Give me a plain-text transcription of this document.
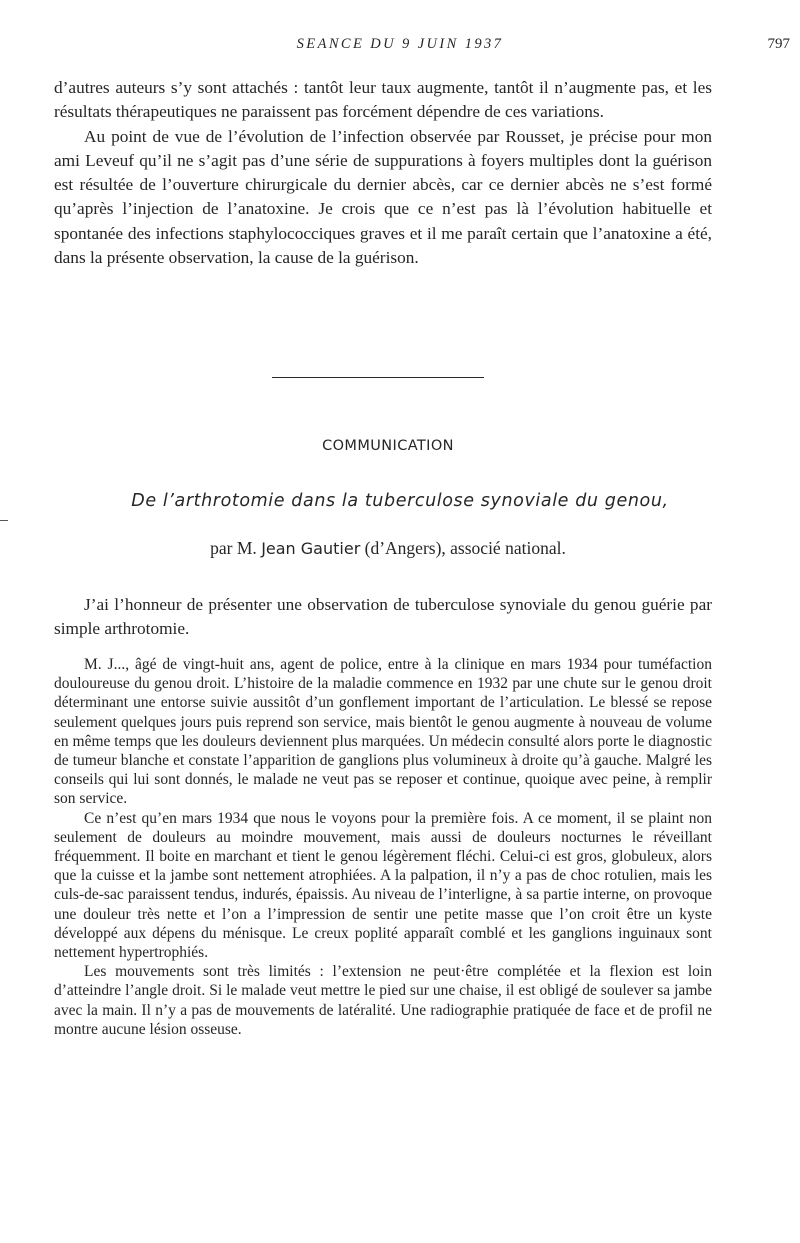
SEANCE DU 9 JUIN 1937	797

d’autres auteurs s’y sont attachés : tantôt leur taux augmente, tantôt il n’augmente pas, et les résultats thérapeutiques ne paraissent pas forcément dépendre de ces variations.

Au point de vue de l’évolution de l’infection observée par Rousset, je précise pour mon ami Leveuf qu’il ne s’agit pas d’une série de suppurations à foyers multiples dont la guérison est résultée de l’ouverture chirurgicale du dernier abcès, car ce dernier abcès ne s’est formé qu’après l’injection de l’anatoxine. Je crois que ce n’est pas là l’évolution habituelle et spontanée des infections staphylococciques graves et il me paraît certain que l’anatoxine a été, dans la présente observation, la cause de la guérison.

COMMUNICATION
De l’arthrotomie dans la tuberculose synoviale du genou,
par M. Jean Gautier (d’Angers), associé national.

J’ai l’honneur de présenter une observation de tuberculose synoviale du genou guérie par simple arthrotomie.

M. J..., âgé de vingt-huit ans, agent de police, entre à la clinique en mars 1934 pour tuméfaction douloureuse du genou droit. L’histoire de la maladie commence en 1932 par une chute sur le genou droit déterminant une entorse suivie aussitôt d’un gonflement important de l’articulation. Le blessé se repose seulement quelques jours puis reprend son service, mais bientôt le genou augmente à nouveau de volume en même temps que les douleurs deviennent plus marquées. Un médecin consulté alors porte le diagnostic de tumeur blanche et constate l’apparition de ganglions plus volumineux à droite qu’à gauche. Malgré les conseils qui lui sont donnés, le malade ne veut pas se reposer et continue, quoique avec peine, à remplir son service.

Ce n’est qu’en mars 1934 que nous le voyons pour la première fois. A ce moment, il se plaint non seulement de douleurs au moindre mouvement, mais aussi de douleurs nocturnes le réveillant fréquemment. Il boite en marchant et tient le genou légèrement fléchi. Celui-ci est gros, globuleux, alors que la cuisse et la jambe sont nettement atrophiées. A la palpation, il n’y a pas de choc rotulien, mais les culs-de-sac paraissent tendus, indurés, épaissis. Au niveau de l’interligne, à sa partie interne, on provoque une douleur très nette et l’on a l’impression de sentir une petite masse que l’on croit être un kyste développé aux dépens du ménisque. Le creux poplité apparaît comblé et les ganglions inguinaux sont nettement hypertrophiés.

Les mouvements sont très limités : l’extension ne peut·être complétée et la flexion est loin d’atteindre l’angle droit. Si le malade veut mettre le pied sur une chaise, il est obligé de soulever sa jambe avec la main. Il n’y a pas de mouvements de latéralité. Une radiographie pratiquée de face et de profil ne montre aucune lésion osseuse.
